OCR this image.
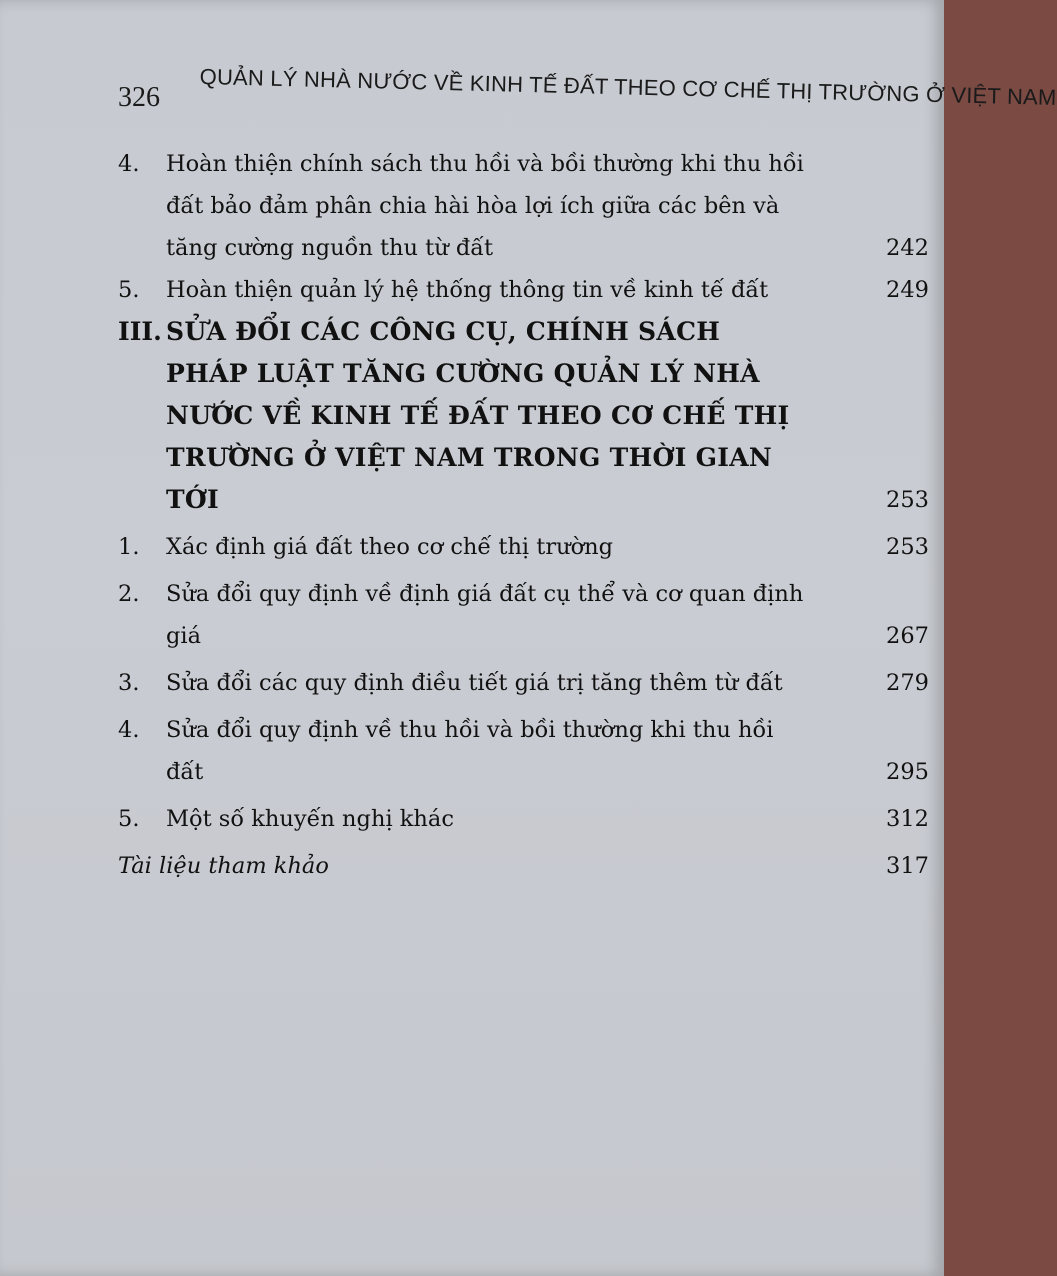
326 QUẢN LÝ NHÀ NƯỚC VỀ KINH TẾ ĐẤT THEO CƠ CHẾ THỊ TRƯỜNG Ở VIỆT NAM
4.	Hoàn thiện chính sách thu hồi và bồi thường khi thu hồi đất bảo đảm phân chia hài hòa lợi ích giữa các bên và tăng cường nguồn thu từ đất	242
5.	Hoàn thiện quản lý hệ thống thông tin về kinh tế đất	249
III. SỬA ĐỔI CÁC CÔNG CỤ, CHÍNH SÁCH PHÁP LUẬT TĂNG CƯỜNG QUẢN LÝ NHÀ NƯỚC VỀ KINH TẾ ĐẤT THEO CƠ CHẾ THỊ TRƯỜNG Ở VIỆT NAM TRONG THỜI GIAN TỚI	253
1.	Xác định giá đất theo cơ chế thị trường	253
2.	Sửa đổi quy định về định giá đất cụ thể và cơ quan định giá	267
3.	Sửa đổi các quy định điều tiết giá trị tăng thêm từ đất	279
4.	Sửa đổi quy định về thu hồi và bồi thường khi thu hồi đất	295
5.	Một số khuyến nghị khác	312
Tài liệu tham khảo	317
